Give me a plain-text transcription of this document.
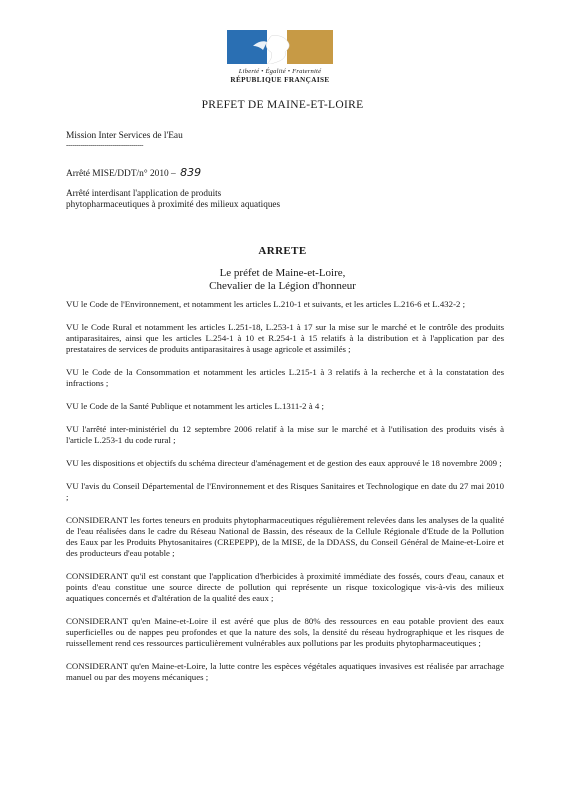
Liberté • Égalité • Fraternité
RÉPUBLIQUE FRANÇAISE
PREFET DE MAINE-ET-LOIRE
Mission Inter Services de l'Eau
--------------------------------------
Arrêté MISE/DDT/n° 2010 – 839
Arrêté interdisant l'application de produits
phytopharmaceutiques à proximité des milieux aquatiques
ARRETE
Le préfet de Maine-et-Loire,
Chevalier de la Légion d'honneur

VU le Code de l'Environnement, et notamment les articles L.210-1 et suivants, et les articles L.216-6 et L.432-2 ;

VU le Code Rural et notamment les articles L.251-18, L.253-1 à 17 sur la mise sur le marché et le contrôle des produits antiparasitaires, ainsi que les articles L.254-1 à 10 et R.254-1 à 15 relatifs à la distribution et à l'application par des prestataires de services de produits antiparasitaires à usage agricole et assimilés ;

VU le Code de la Consommation et notamment les articles L.215-1 à 3 relatifs à la recherche et à la constatation des infractions ;

VU le Code de la Santé Publique et notamment les articles L.1311-2 à 4 ;

VU l'arrêté inter-ministériel du 12 septembre 2006 relatif à la mise sur le marché et à l'utilisation des produits visés à l'article L.253-1 du code rural ;

VU les dispositions et objectifs du schéma directeur d'aménagement et de gestion des eaux approuvé le 18 novembre 2009 ;

VU l'avis du Conseil Départemental de l'Environnement et des Risques Sanitaires et Technologique en date du 27 mai 2010 ;

CONSIDERANT les fortes teneurs en produits phytopharmaceutiques régulièrement relevées dans les analyses de la qualité de l'eau réalisées dans le cadre du Réseau National de Bassin, des réseaux de la Cellule Régionale d'Etude de la Pollution des Eaux par les Produits Phytosanitaires (CREPEPP), de la MISE, de la DDASS, du Conseil Général de Maine-et-Loire et des producteurs d'eau potable ;

CONSIDERANT qu'il est constant que l'application d'herbicides à proximité immédiate des fossés, cours d'eau, canaux et points d'eau constitue une source directe de pollution qui représente un risque toxicologique vis-à-vis des milieux aquatiques concernés et d'altération de la qualité des eaux ;

CONSIDERANT qu'en Maine-et-Loire il est avéré que plus de 80% des ressources en eau potable provient des eaux superficielles ou de nappes peu profondes et que la nature des sols, la densité du réseau hydrographique et les risques de ruissellement rend ces ressources particulièrement vulnérables aux pollutions par les produits phytopharmaceutiques ;

CONSIDERANT qu'en Maine-et-Loire, la lutte contre les espèces végétales aquatiques invasives est réalisée par arrachage manuel ou par des moyens mécaniques ;
